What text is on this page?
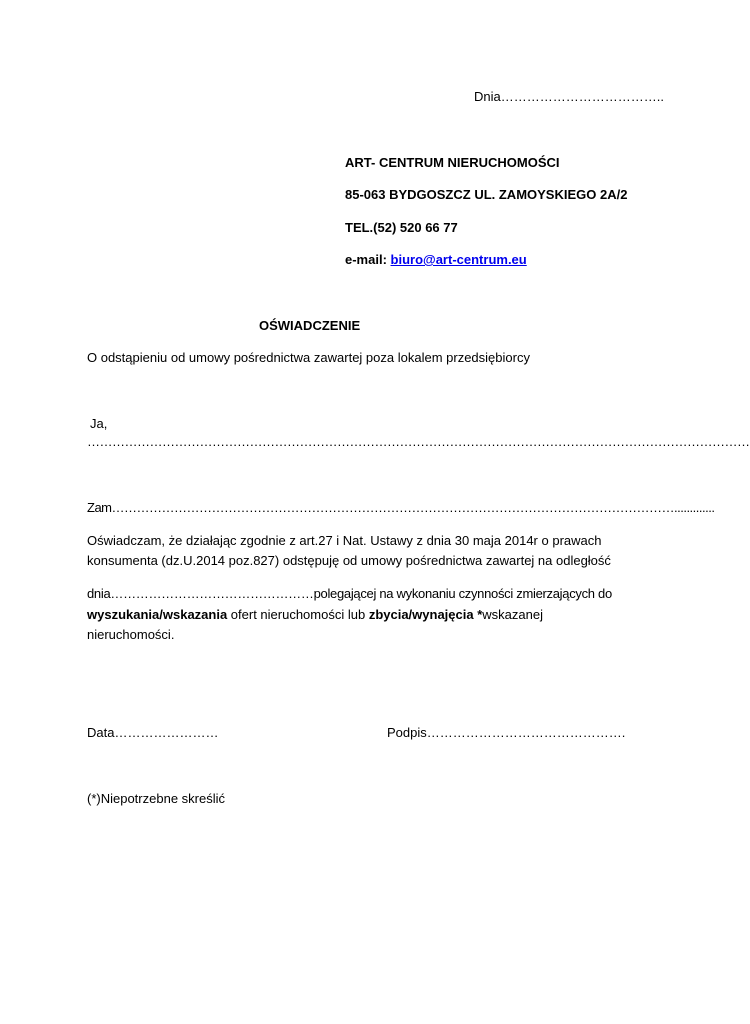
Dnia………………………………..
ART- CENTRUM NIERUCHOMOŚCI
85-063 BYDGOSZCZ UL. ZAMOYSKIEGO 2A/2
TEL.(52) 520 66 77
e-mail: biuro@art-centrum.eu
OŚWIADCZENIE
O odstąpieniu od umowy pośrednictwa zawartej poza lokalem przedsiębiorcy
Ja,
……………………………………………………………………………………………………………………………………………
Zam……………………………………………………………………………………………………………………….............
Oświadczam, że działając zgodnie z art.27 i Nat. Ustawy z dnia 30 maja 2014r o prawach
konsumenta (dz.U.2014 poz.827) odstępuję od umowy pośrednictwa zawartej na odległość
dnia…………………………………………polegającej na wykonaniu czynności zmierzających do
wyszukania/wskazania ofert nieruchomości lub zbycia/wynajęcia *wskazanej
nieruchomości.
Data……………………	Podpis……………………………………….
(*)Niepotrzebne skreślić
